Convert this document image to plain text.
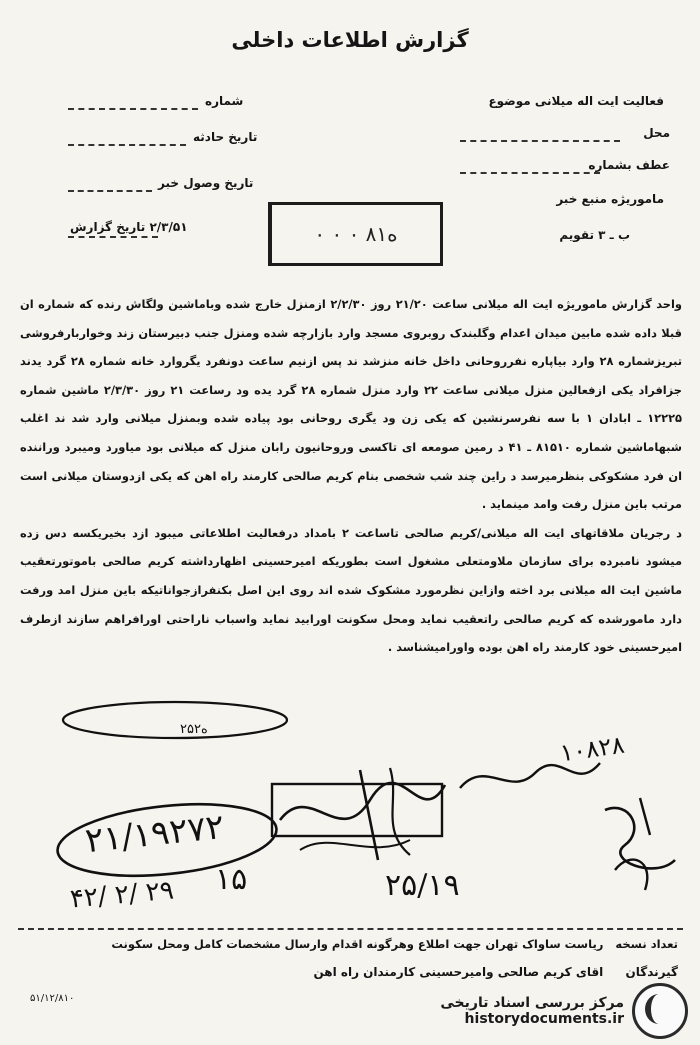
گزارش اطلاعات داخلی
شماره
تاریخ حادثه
تاریخ وصول خبر
تاریخ گزارش ۲/۳/۵۱
موضوع فعالیت ایت اله میلانی
محل
عطف بشماره
منبع خبر ماموریژه
تقویم ب ـ ۳
ه۸۱ ۰ ۰ ۰

واحد گزارش ماموریژه ایت اله میلانی ساعت ۲۱/۲۰ روز ۲/۲/۳۰ ازمنزل خارج شده وباماشین ولگاش رنده که شماره ان قبلا داده شده مابین میدان اعدام وگلبندک روبروی مسجد وارد بازارچه شده ومنزل جنب دبیرستان زند وخواربارفروشی تبریزشماره ۲۸ وارد بیاپاره نفرروحانی داخل خانه منزشد ند پس ازنیم ساعت دونفرد یگروارد خانه شماره ۲۸ گرد یدند جزافراد یکی ازفعالین منزل میلانی ساعت ۲۲ وارد منزل شماره ۲۸ گرد یده ود رساعت ۲۱ روز ۲/۳/۳۰ ماشین شماره ۱۲۲۲۵ ـ ابادان ۱ با سه نفرسرنشین که یکی زن ود یگری روحانی بود پیاده شده وبمنزل میلانی وارد شد ند اغلب شبهاماشین شماره ۸۱۵۱۰ ـ ۴۱ د رمین صومعه ای تاکسی وروحانیون رابان منزل که میلانی بود میاورد ومیبرد وراننده ان فرد مشکوکی بنظرمیرسد د راین چند شب شخصی بنام کریم صالحی کارمند راه اهن که یکی ازدوستان میلانی است مرتب باین منزل رفت وامد مینماید .

د رجریان ملاقاتهای ایت اله میلانی/کریم صالحی تاساعت ۲ بامداد درفعالیت اطلاعاتی میبود ازد بخیریکسه دس زده میشود نامبرده برای سازمان ملاومتعلی مشغول است بطوریکه امیرحسینی اظهارداشته کریم صالحی باموتورتعقیب ماشین ایت اله میلانی برد اخته وازاین نظرمورد مشکوک شده اند روی این اصل بکنفرازجواناتیکه باین منزل امد ورفت دارد مامورشده که کریم صالحی راتعقیب نماید ومحل سکونت اورابید نماید واسباب ناراحتی اورافراهم سازند ازطرف امیرحسینی خود کارمند راه اهن بوده واورامیشناسد .

ه۲۵۲
۱۰۸۲۸
۲۱/۱۹۲۷۲
۱۵	۲۵/۱۹
۴۲/ ۲/ ۲۹
تعداد نسخه ریاست ساواک تهران جهت اطلاع وهرگونه اقدام وارسال مشخصات کامل ومحل سکونت
گیرندگان اقای کریم صالحی وامیرحسینی کارمندان راه اهن
۵۱/۱۲/۸۱۰	مرکز بررسی اسناد تاریخی
historydocuments.ir
